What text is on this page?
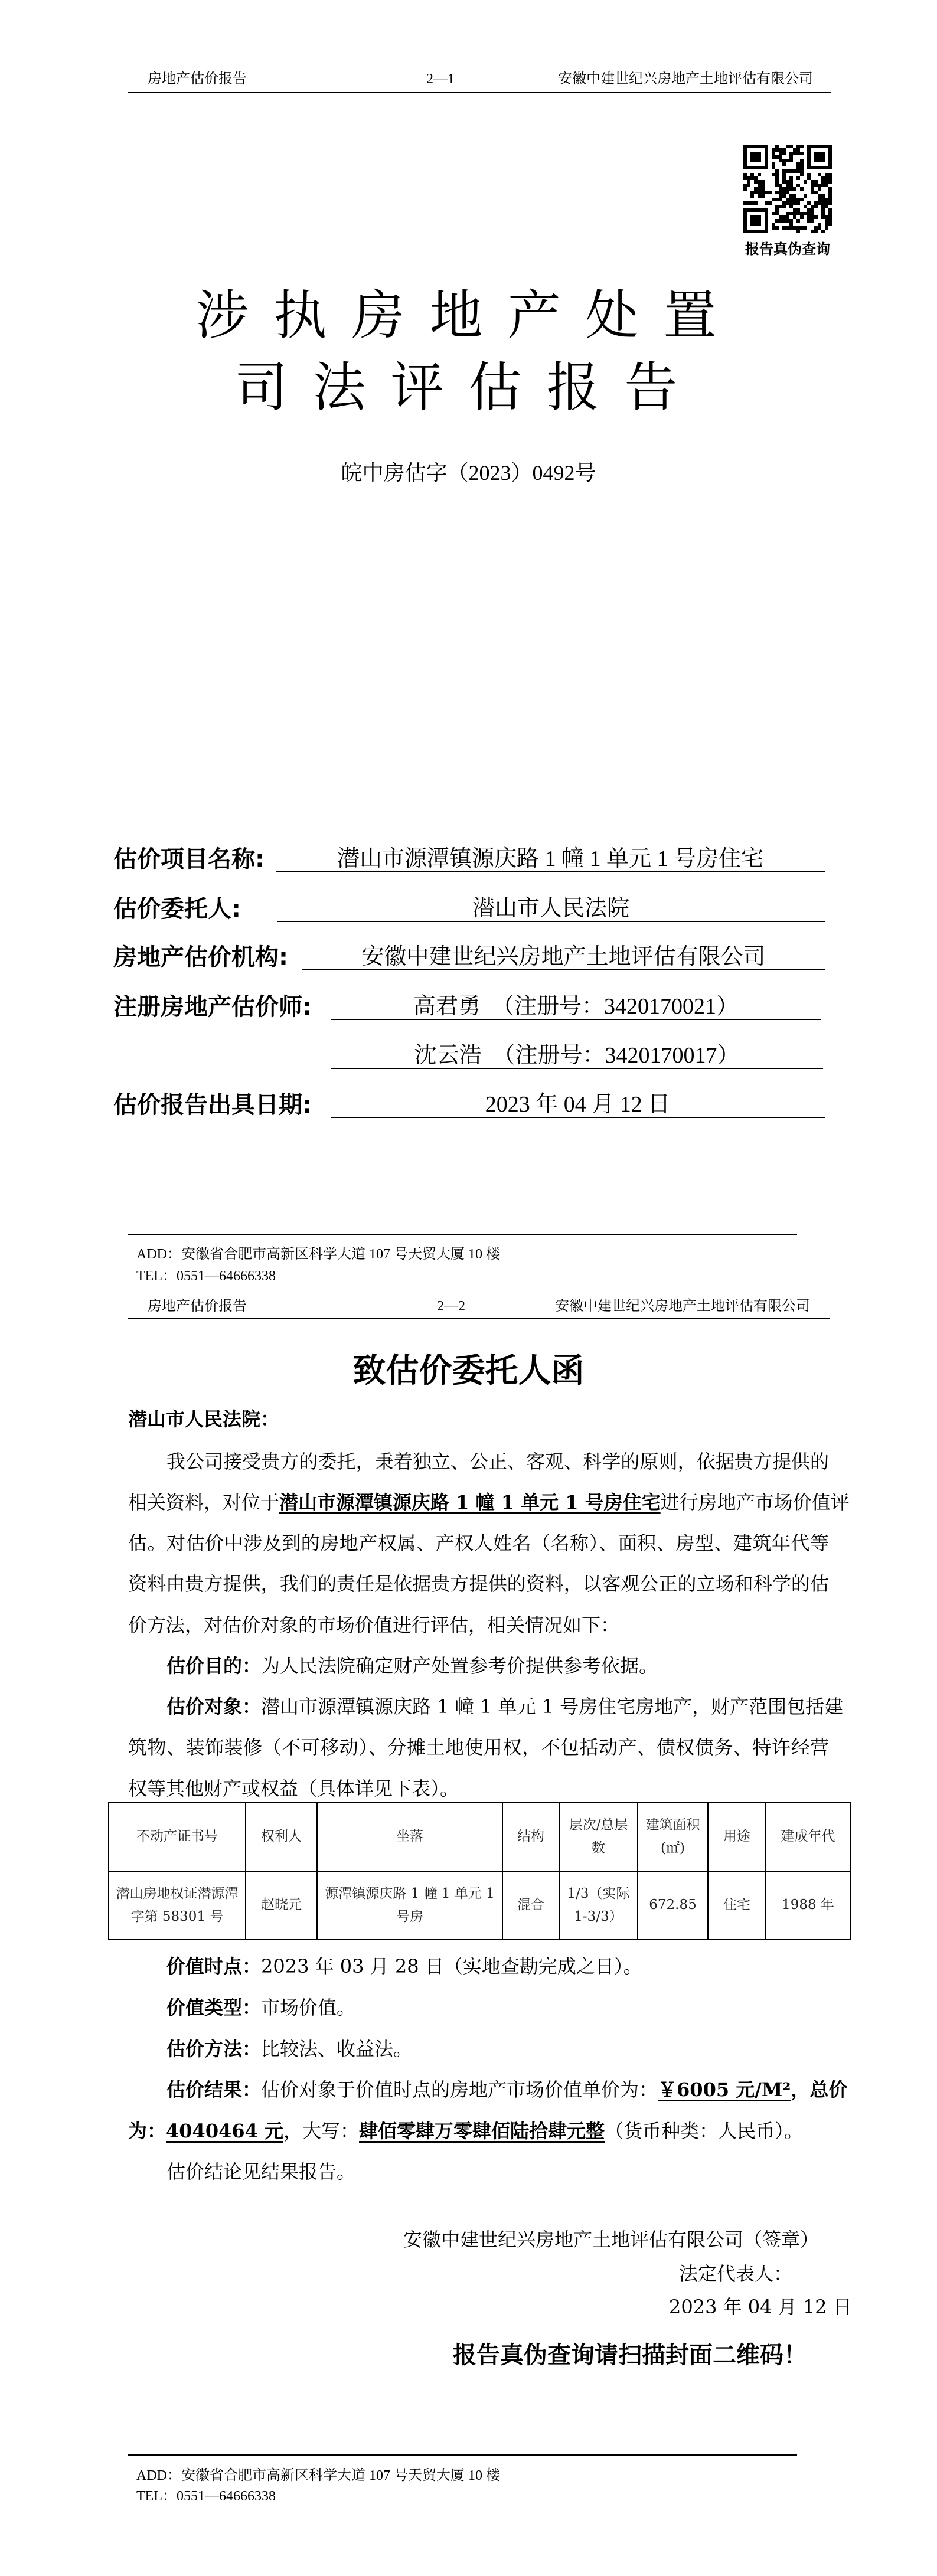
房地产估价报告	2—1	安徽中建世纪兴房地产土地评估有限公司
报告真伪查询
涉执房地产处置
司法评估报告
皖中房估字（2023）0492号
估价项目名称:	潜山市源潭镇源庆路 1 幢 1 单元 1 号房住宅
估价委托人:	潜山市人民法院
房地产估价机构:	安徽中建世纪兴房地产土地评估有限公司
注册房地产估价师:	高君勇　（注册号：3420170021）
沈云浩　（注册号：3420170017）
估价报告出具日期:	2023 年 04 月 12 日
ADD：安徽省合肥市高新区科学大道 107 号天贸大厦 10 楼
TEL：0551—64666338
房地产估价报告	2—2	安徽中建世纪兴房地产土地评估有限公司
致估价委托人函
潜山市人民法院：
我公司接受贵方的委托，秉着独立、公正、客观、科学的原则，依据贵方提供的
相关资料，对位于潜山市源潭镇源庆路 1 幢 1 单元 1 号房住宅进行房地产市场价值评
估。对估价中涉及到的房地产权属、产权人姓名（名称）、面积、房型、建筑年代等
资料由贵方提供，我们的责任是依据贵方提供的资料，以客观公正的立场和科学的估
价方法，对估价对象的市场价值进行评估，相关情况如下：
估价目的：为人民法院确定财产处置参考价提供参考依据。
估价对象：潜山市源潭镇源庆路 1 幢 1 单元 1 号房住宅房地产，财产范围包括建
筑物、装饰装修（不可移动）、分摊土地使用权，不包括动产、债权债务、特许经营
权等其他财产或权益（具体详见下表）。
不动产证书号	权利人	坐落	结构	层次/总层数	建筑面积(㎡)	用途	建成年代
潜山房地权证潜源潭字第 58301 号	赵晓元	源潭镇源庆路 1 幢 1 单元 1 号房	混合	1/3（实际 1-3/3）	672.85	住宅	1988 年
价值时点：2023 年 03 月 28 日（实地查勘完成之日）。
价值类型：市场价值。
估价方法：比较法、收益法。
估价结果：估价对象于价值时点的房地产市场价值单价为：￥6005 元/M²，总价
为：4040464 元，大写：肆佰零肆万零肆佰陆拾肆元整（货币种类：人民币）。
估价结论见结果报告。
安徽中建世纪兴房地产土地评估有限公司（签章）
法定代表人：
2023 年 04 月 12 日
报告真伪查询请扫描封面二维码！
ADD：安徽省合肥市高新区科学大道 107 号天贸大厦 10 楼
TEL：0551—64666338
